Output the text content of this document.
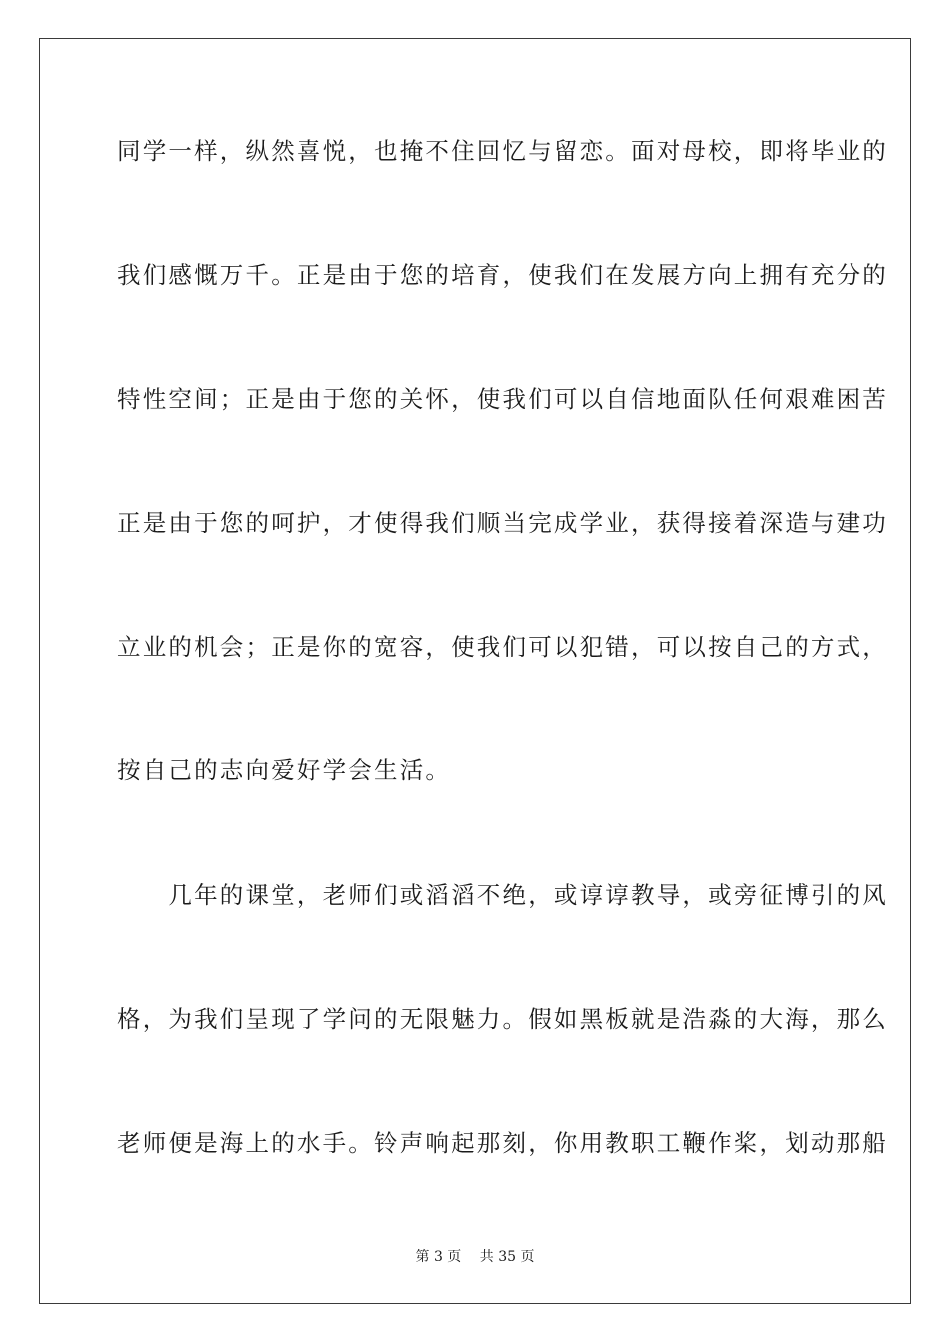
同学一样，纵然喜悦，也掩不住回忆与留恋。面对母校，即将毕业的
我们感慨万千。正是由于您的培育，使我们在发展方向上拥有充分的
特性空间；正是由于您的关怀，使我们可以自信地面队任何艰难困苦
正是由于您的呵护，才使得我们顺当完成学业，获得接着深造与建功
立业的机会；正是你的宽容，使我们可以犯错，可以按自己的方式，
按自己的志向爱好学会生活。
　　几年的课堂，老师们或滔滔不绝，或谆谆教导，或旁征博引的风
格，为我们呈现了学问的无限魅力。假如黑板就是浩淼的大海，那么
老师便是海上的水手。铃声响起那刻，你用教职工鞭作桨，划动那船
第 3 页　 共 35 页
